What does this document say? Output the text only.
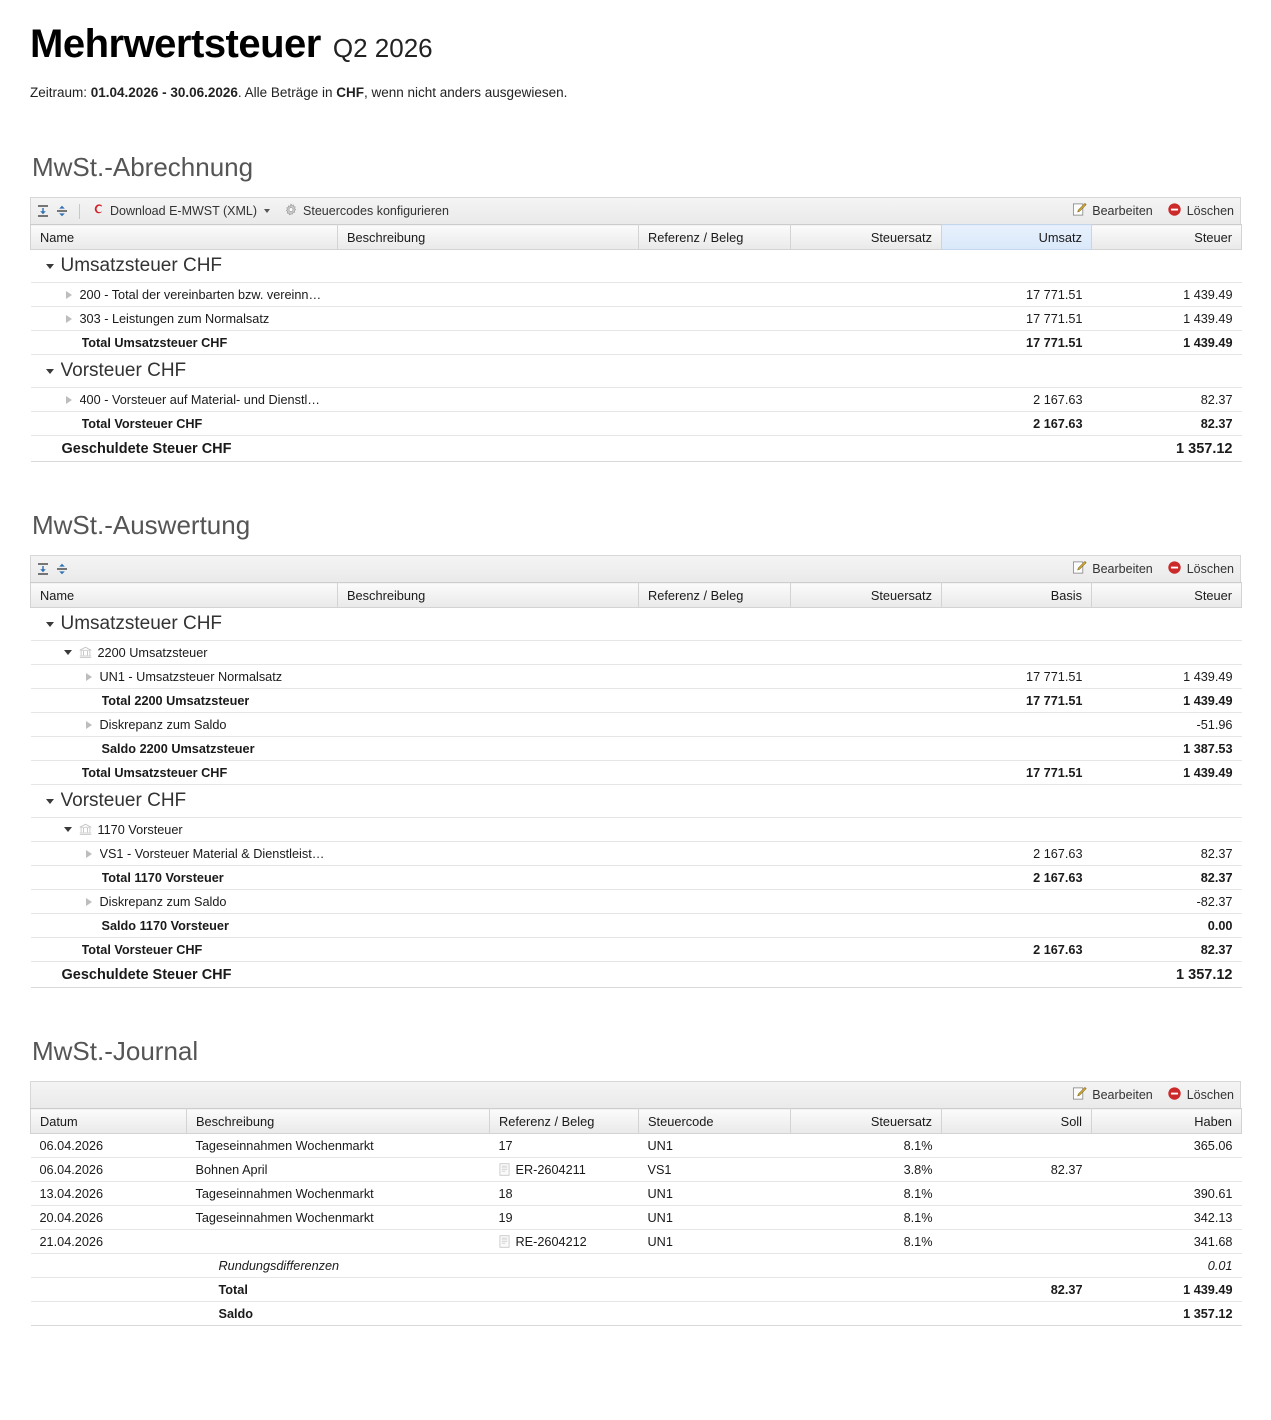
Mehrwertsteuer Q2 2026
Zeitraum: 01.04.2026 - 30.06.2026. Alle Beträge in CHF, wenn nicht anders ausgewiesen.
MwSt.-Abrechnung
Download E-MWST (XML)	Steuercodes konfigurieren	Bearbeiten	Löschen
Name	Beschreibung	Referenz / Beleg	Steuersatz	Umsatz	Steuer

Umsatzsteuer CHF					

200 - Total der vereinbarten bzw. vereinn…				17 771.51	1 439.49

303 - Leistungen zum Normalsatz				17 771.51	1 439.49

Total Umsatzsteuer CHF				17 771.51	1 439.49

Vorsteuer CHF					

400 - Vorsteuer auf Material- und Dienstl…				2 167.63	82.37

Total Vorsteuer CHF				2 167.63	82.37

Geschuldete Steuer CHF					1 357.12
MwSt.-Auswertung
Bearbeiten	Löschen
Name	Beschreibung	Referenz / Beleg	Steuersatz	Basis	Steuer

Umsatzsteuer CHF					

2200 Umsatzsteuer					

UN1 - Umsatzsteuer Normalsatz				17 771.51	1 439.49

Total 2200 Umsatzsteuer				17 771.51	1 439.49

Diskrepanz zum Saldo					-51.96

Saldo 2200 Umsatzsteuer					1 387.53

Total Umsatzsteuer CHF				17 771.51	1 439.49

Vorsteuer CHF					

1170 Vorsteuer					

VS1 - Vorsteuer Material & Dienstleist…				2 167.63	82.37

Total 1170 Vorsteuer				2 167.63	82.37

Diskrepanz zum Saldo					-82.37

Saldo 1170 Vorsteuer					0.00

Total Vorsteuer CHF				2 167.63	82.37

Geschuldete Steuer CHF					1 357.12
MwSt.-Journal
Bearbeiten	Löschen
Datum	Beschreibung	Referenz / Beleg	Steuercode	Steuersatz	Soll	Haben
06.04.2026	Tageseinnahmen Wochenmarkt	17	UN1	8.1%		365.06
06.04.2026	Bohnen April	ER-2604211	VS1	3.8%	82.37	
13.04.2026	Tageseinnahmen Wochenmarkt	18	UN1	8.1%		390.61
20.04.2026	Tageseinnahmen Wochenmarkt	19	UN1	8.1%		342.13
21.04.2026		RE-2604212	UN1	8.1%		341.68
	Rundungsdifferenzen					0.01
	Total				82.37	1 439.49
	Saldo					1 357.12
